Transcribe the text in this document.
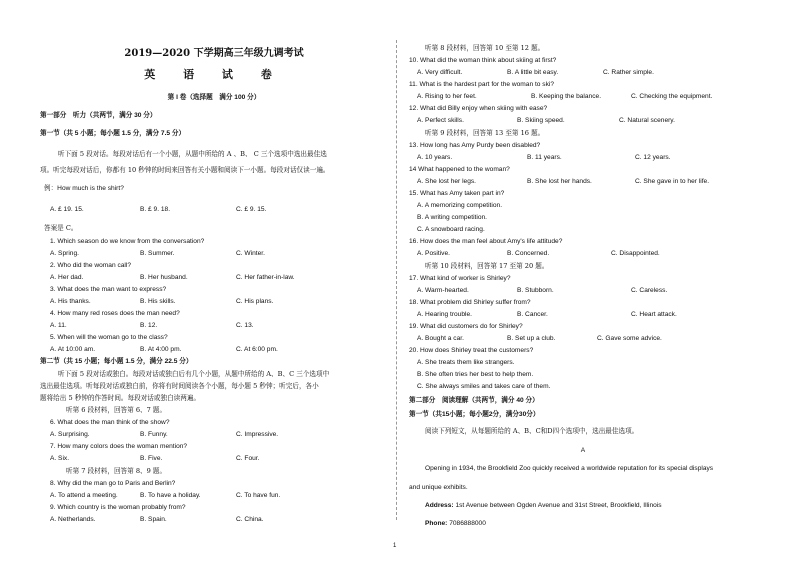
2019—2020 下学期高三年级九调考试
英 语 试 卷
第 I 卷（选择题　满分 100 分）
第一部分　听力（共两节，满分 30 分）
第一节（共 5 小题；每小题 1.5 分，满分 7.5 分）
听下面 5 段对话。每段对话后有一个小题，从题中所给的 A 、B、 C 三个选项中选出最佳选
项。听完每段对话后，你都有 10 秒钟的时间来回答有关小题和阅读下一小题。每段对话仅读一遍。
例：How much is the shirt?
A. £ 19. 15.	B. £ 9. 18.	C. £ 9. 15.
答案是 C。
1. Which season do we know from the conversation?
A. Spring.	B. Summer.	C. Winter.
2. Who did the woman call?
A. Her dad.	B. Her husband.	C. Her father-in-law.
3. What does the man want to express?
A. His thanks.	B. His skills.	C. His plans.
4. How many red roses does the man need?
A. 11.	B. 12.	C. 13.
5. When will the woman go to the class?
A. At 10:00 am.	B. At 4:00 pm.	C. At 6:00 pm.
第二节（共 15 小题；每小题 1.5 分，满分 22.5 分）
听下面 5 段对话或独白。每段对话或独白后有几个小题，从题中所给的 A、B、C 三个选项中
选出最佳选项。听每段对话或独白前，你将有时间阅读各个小题，每小题 5 秒钟；听完后，各小
题将给出 5 秒钟的作答时间。每段对话或独白读两遍。
听第 6 段材料，回答第 6、7 题。
6. What does the man think of the show?
A. Surprising.	B. Funny.	C. Impressive.
7. How many colors does the woman mention?
A. Six.	B. Five.	C. Four.
听第 7 段材料，回答第 8、9 题。
8. Why did the man go to Paris and Berlin?
A. To attend a meeting.	B. To have a holiday.	C. To have fun.
9. Which country is the woman probably from?
A. Netherlands.	B. Spain.	C. China.
听第 8 段材料，回答第 10 至第 12 题。
10. What did the woman think about skiing at first?
A. Very difficult.	B. A little bit easy.	C. Rather simple.
11. What is the hardest part for the woman to ski?
A. Rising to her feet.	B. Keeping the balance.	C. Checking the equipment.
12. What did Billy enjoy when skiing with ease?
A. Perfect skills.	B. Skiing speed.	C. Natural scenery.
听第 9 段材料，回答第 13 至第 16 题。
13. How long has Amy Purdy been disabled?
A. 10 years.	B. 11 years.	C. 12 years.
14 What happened to the woman?
A. She lost her legs.	B. She lost her hands.	C. She gave in to her life.
15. What has Amy taken part in?
A. A memorizing competition.
B. A writing competition.
C. A snowboard racing.
16. How does the man feel about Amy's life attitude?
A. Positive.	B. Concerned.	C. Disappointed.
听第 10 段材料，回答第 17 至第 20 题。
17. What kind of worker is Shirley?
A. Warm-hearted.	B. Stubborn.	C. Careless.
18. What problem did Shirley suffer from?
A. Hearing trouble.	B. Cancer.	C. Heart attack.
19. What did customers do for Shirley?
A. Bought a car.	B. Set up a club.	C. Gave some advice.
20. How does Shirley treat the customers?
A. She treats them like strangers.
B. She often tries her best to help them.
C. She always smiles and takes care of them.
第二部分　阅读理解（共两节，满分 40 分）
第一节（共15小题；每小题2分，满分30分）
阅读下列短文，从每题所给的 A、B、C和D四个选项中，选出最佳选项。
A
Opening in 1934, the Brookfield Zoo quickly received a worldwide reputation for its special displays
and unique exhibits.
Address: 1st Avenue between Ogden Avenue and 31st Street, Brookfield, Illinois
Phone: 7086888000
1
